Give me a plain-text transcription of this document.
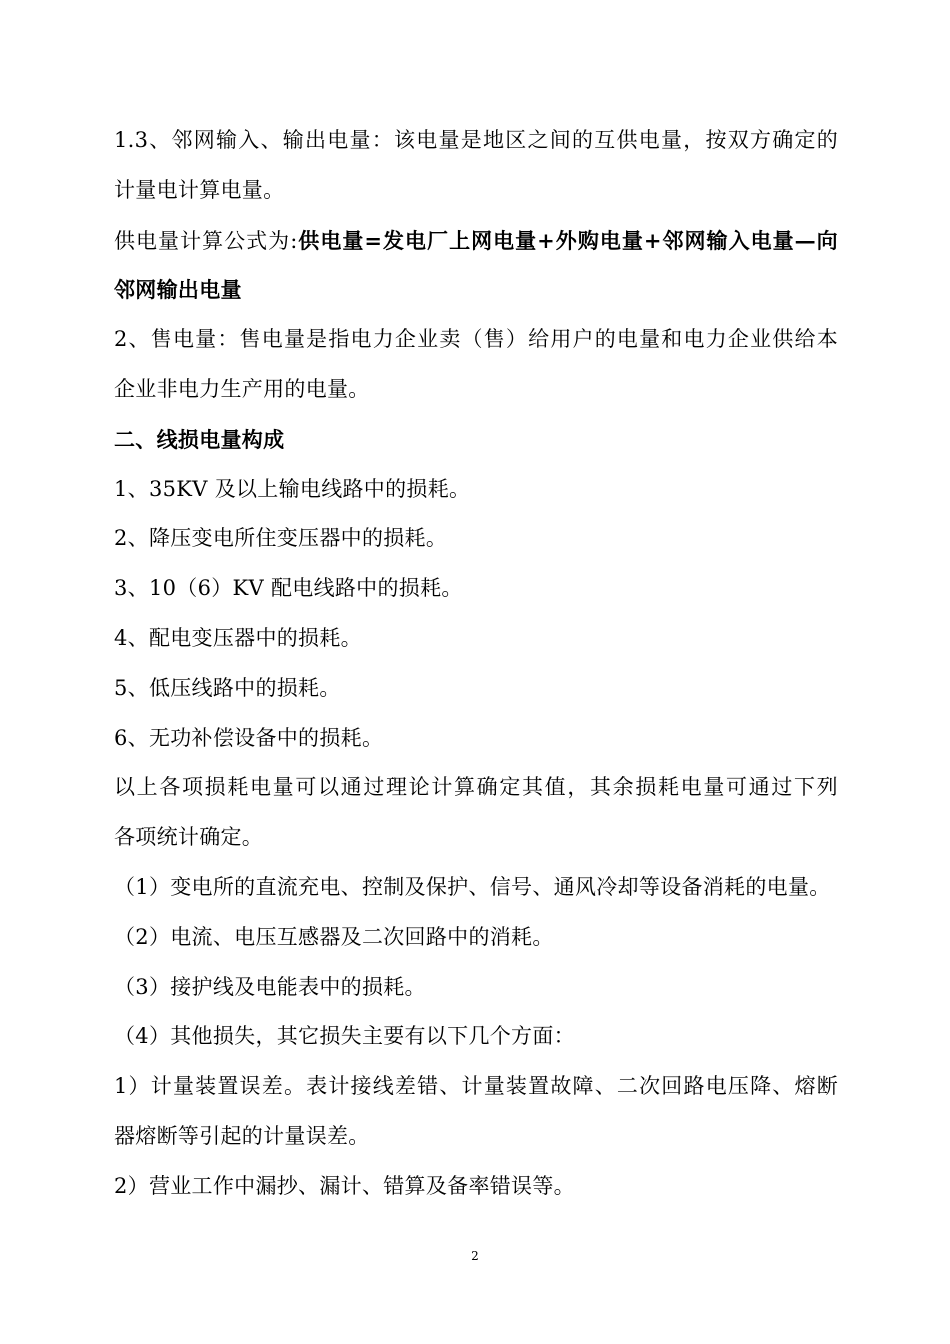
1.3、邻网输入、输出电量：该电量是地区之间的互供电量，按双方确定的
计量电计算电量。
供电量计算公式为:供电量=发电厂上网电量+外购电量+邻网输入电量—向
邻网输出电量
2、售电量：售电量是指电力企业卖（售）给用户的电量和电力企业供给本
企业非电力生产用的电量。
二、线损电量构成
1、35KV 及以上输电线路中的损耗。
2、降压变电所住变压器中的损耗。
3、10（6）KV 配电线路中的损耗。
4、配电变压器中的损耗。
5、低压线路中的损耗。
6、无功补偿设备中的损耗。
以上各项损耗电量可以通过理论计算确定其值，其余损耗电量可通过下列
各项统计确定。
（1）变电所的直流充电、控制及保护、信号、通风冷却等设备消耗的电量。
（2）电流、电压互感器及二次回路中的消耗。
（3）接护线及电能表中的损耗。
（4）其他损失，其它损失主要有以下几个方面：
1）计量装置误差。表计接线差错、计量装置故障、二次回路电压降、熔断
器熔断等引起的计量误差。
2）营业工作中漏抄、漏计、错算及备率错误等。
2
